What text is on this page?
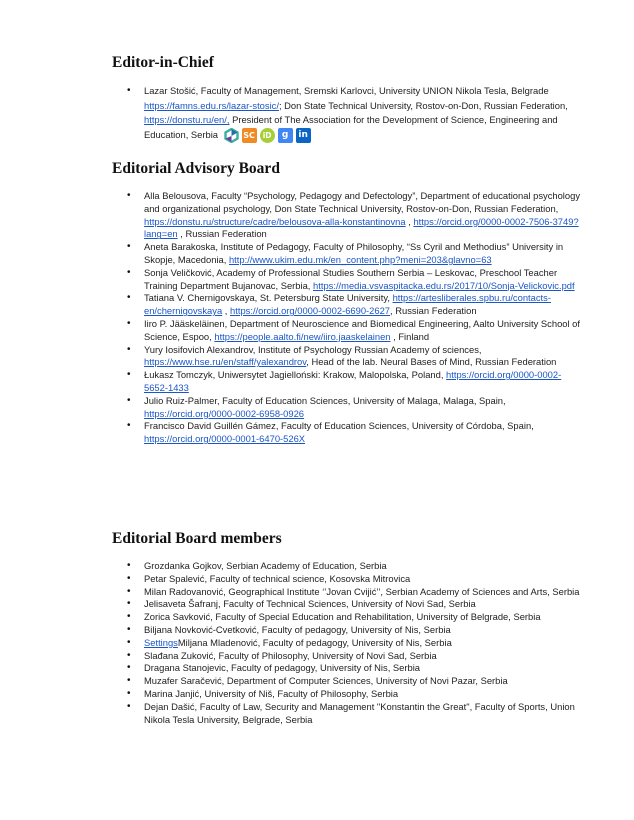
Editor-in-Chief
• Lazar Stošić, Faculty of Management, Sremski Karlovci, University UNION Nikola Tesla, Belgrade https://famns.edu.rs/lazar-stosic/; Don State Technical University, Rostov-on-Don, Russian Federation, https://donstu.ru/en/, President of The Association for the Development of Science, Engineering and Education, Serbia	SC	iD	g	in
Editorial Advisory Board
• Alla Belousova, Faculty “Psychology, Pedagogy and Defectology”, Department of educational psychology and organizational psychology, Don State Technical University, Rostov-on-Don, Russian Federation, https://donstu.ru/structure/cadre/belousova-alla-konstantinovna , https://orcid.org/0000-0002-7506-3749?lang=en , Russian Federation
• Aneta Barakoska, Institute of Pedagogy, Faculty of Philosophy, “Ss Cyril and Methodius” University in Skopje, Macedonia, http://www.ukim.edu.mk/en_content.php?meni=203&glavno=63
• Sonja Veličković, Academy of Professional Studies Southern Serbia – Leskovac, Preschool Teacher Training Department Bujanovac, Serbia, https://media.vsvaspitacka.edu.rs/2017/10/Sonja-Velickovic.pdf
• Tatiana V. Chernigovskaya, St. Petersburg State University, https://artesliberales.spbu.ru/contacts-en/chernigovskaya , https://orcid.org/0000-0002-6690-2627, Russian Federation
• Iiro P. Jääskeläinen, Department of Neuroscience and Biomedical Engineering, Aalto University School of Science, Espoo, https://people.aalto.fi/new/iiro.jaaskelainen , Finland
• Yury Iosifovich Alexandrov, Institute of Psychology Russian Academy of sciences, https://www.hse.ru/en/staff/yalexandrov, Head of the lab. Neural Bases of Mind, Russian Federation
• Łukasz Tomczyk, Uniwersytet Jagielloński: Krakow, Malopolska, Poland, https://orcid.org/0000-0002-5652-1433
• Julio Ruiz-Palmer, Faculty of Education Sciences, University of Malaga, Malaga, Spain, https://orcid.org/0000-0002-6958-0926
• Francisco David Guillén Gámez, Faculty of Education Sciences, University of Córdoba, Spain, https://orcid.org/0000-0001-6470-526X
Editorial Board members
• Grozdanka Gojkov, Serbian Academy of Education, Serbia
• Petar Spalević, Faculty of technical science, Kosovska Mitrovica
• Milan Radovanović, Geographical Institute ‘’Jovan Cvijić’’, Serbian Academy of Sciences and Arts, Serbia
• Jelisaveta Šafranj, Faculty of Technical Sciences, University of Novi Sad, Serbia
• Zorica Savković, Faculty of Special Education and Rehabilitation, University of Belgrade, Serbia
• Biljana Novković-Cvetković, Faculty of pedagogy, University of Nis, Serbia
• SettingsMiljana Mladenović, Faculty of pedagogy, University of Nis, Serbia
• Slađana Zuković, Faculty of Philosophy, University of Novi Sad, Serbia
• Dragana Stanojevic, Faculty of pedagogy, University of Nis, Serbia
• Muzafer Saračević, Department of Computer Sciences, University of Novi Pazar, Serbia
• Marina Janjić, University of Niš, Faculty of Philosophy, Serbia
• Dejan Dašić, Faculty of Law, Security and Management "Konstantin the Great", Faculty of Sports, Union Nikola Tesla University, Belgrade, Serbia
